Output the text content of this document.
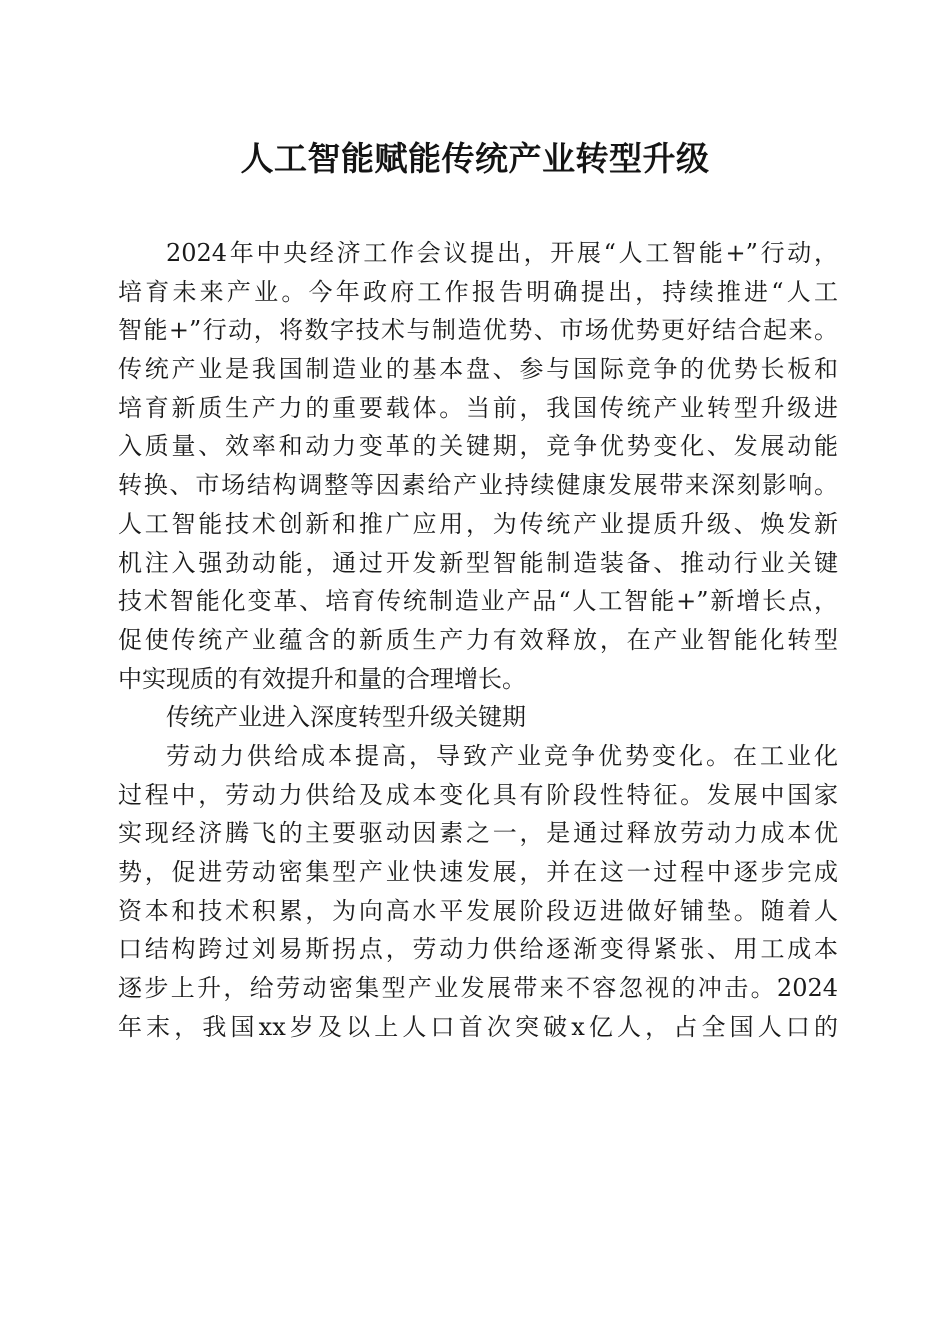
人工智能赋能传统产业转型升级
2024年中央经济工作会议提出，开展“人工智能+”行动，
培育未来产业。今年政府工作报告明确提出，持续推进“人工
智能+”行动，将数字技术与制造优势、市场优势更好结合起来。
传统产业是我国制造业的基本盘、参与国际竞争的优势长板和
培育新质生产力的重要载体。当前，我国传统产业转型升级进
入质量、效率和动力变革的关键期，竞争优势变化、发展动能
转换、市场结构调整等因素给产业持续健康发展带来深刻影响。
人工智能技术创新和推广应用，为传统产业提质升级、焕发新
机注入强劲动能，通过开发新型智能制造装备、推动行业关键
技术智能化变革、培育传统制造业产品“人工智能+”新增长点，
促使传统产业蕴含的新质生产力有效释放，在产业智能化转型
中实现质的有效提升和量的合理增长。
传统产业进入深度转型升级关键期
劳动力供给成本提高，导致产业竞争优势变化。在工业化
过程中，劳动力供给及成本变化具有阶段性特征。发展中国家
实现经济腾飞的主要驱动因素之一，是通过释放劳动力成本优
势，促进劳动密集型产业快速发展，并在这一过程中逐步完成
资本和技术积累，为向高水平发展阶段迈进做好铺垫。随着人
口结构跨过刘易斯拐点，劳动力供给逐渐变得紧张、用工成本
逐步上升，给劳动密集型产业发展带来不容忽视的冲击。2024
年末，我国xx岁及以上人口首次突破x亿人，占全国人口的
